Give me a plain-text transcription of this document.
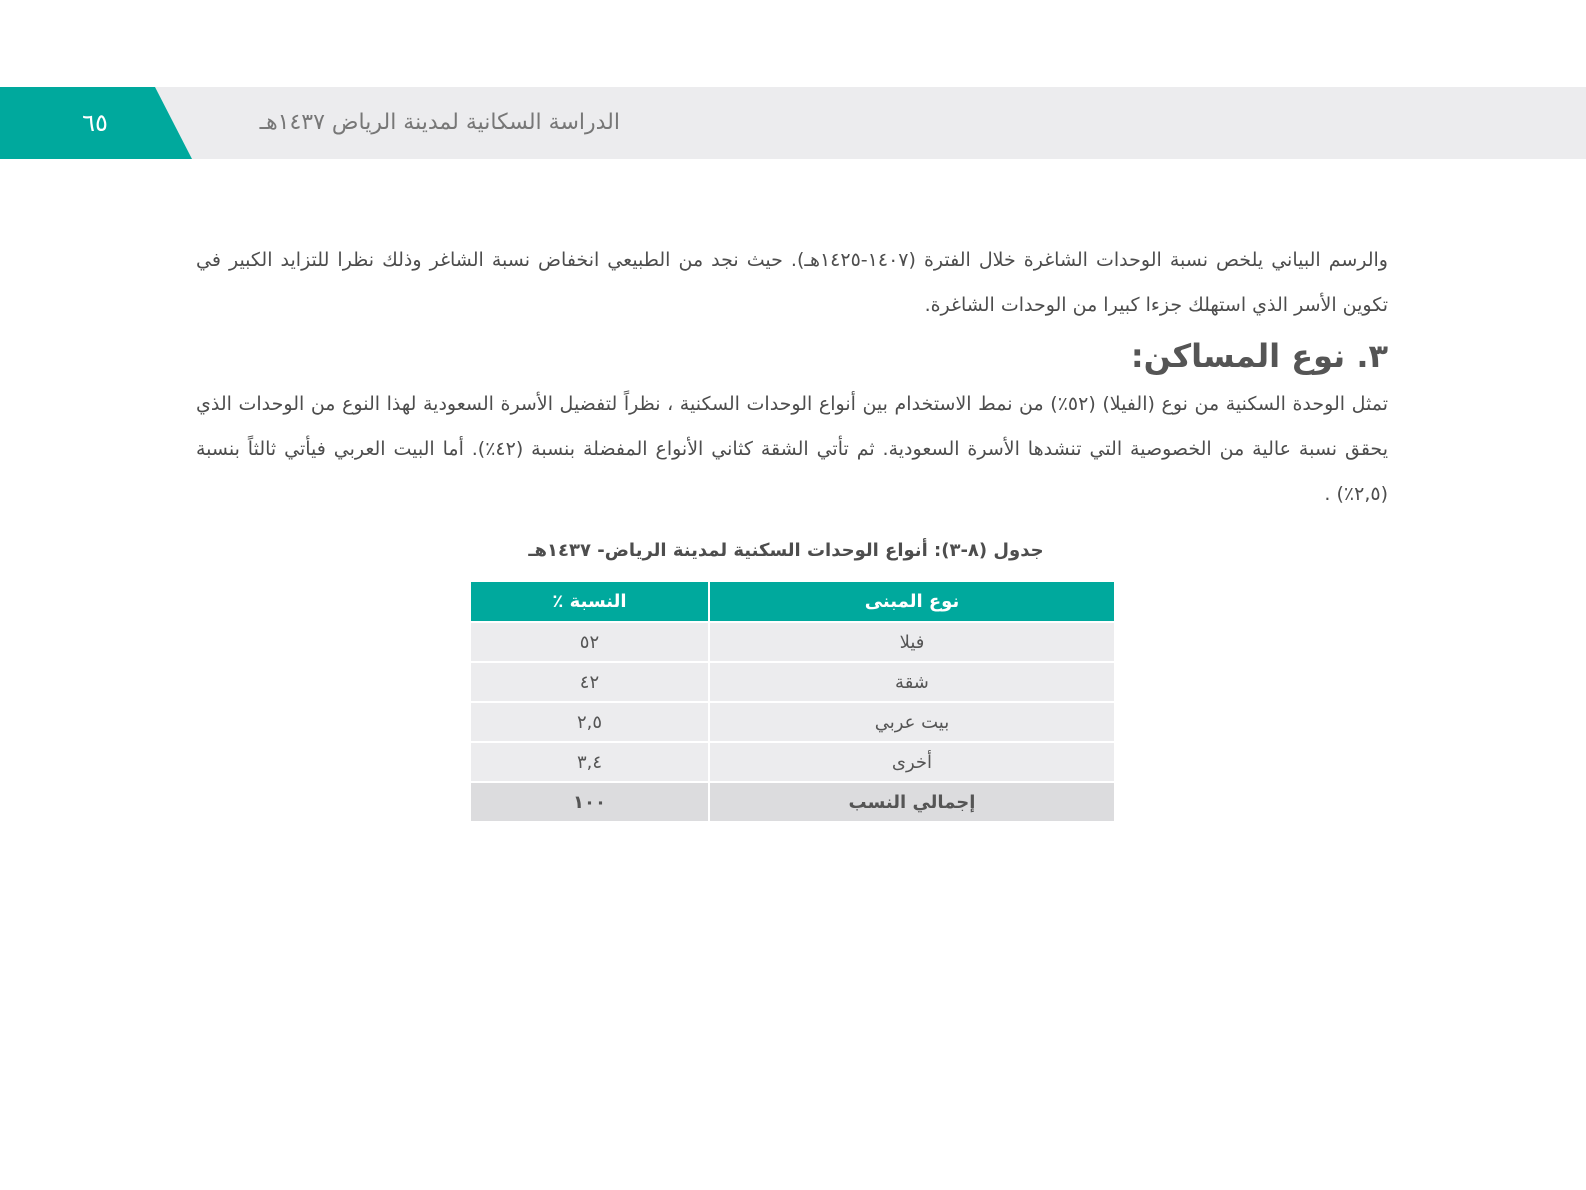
٦٥	الدراسة السكانية لمدينة الرياض ١٤٣٧هـ

والرسم البياني يلخص نسبة الوحدات الشاغرة خلال الفترة (١٤٠٧-١٤٢٥هـ). حيث نجد من الطبيعي انخفاض نسبة الشاغر وذلك نظرا للتزايد الكبير في تكوين الأسر الذي استهلك جزءا كبيرا من الوحدات الشاغرة.

٣. نوع المساكن:

تمثل الوحدة السكنية من نوع (الفيلا) (٥٢٪) من نمط الاستخدام بين أنواع الوحدات السكنية ، نظراً لتفضيل الأسرة السعودية لهذا النوع من الوحدات الذي يحقق نسبة عالية من الخصوصية التي تنشدها الأسرة السعودية. ثم تأتي الشقة كثاني الأنواع المفضلة بنسبة (٤٢٪). أما البيت العربي فيأتي ثالثاً بنسبة (٢,٥٪) .

جدول (٨-٣): أنواع الوحدات السكنية لمدينة الرياض- ١٤٣٧هـ
نوع المبنى	النسبة ٪
فيلا	٥٢
شقة	٤٢
بيت عربي	٢,٥
أخرى	٣,٤
إجمالي النسب	١٠٠
